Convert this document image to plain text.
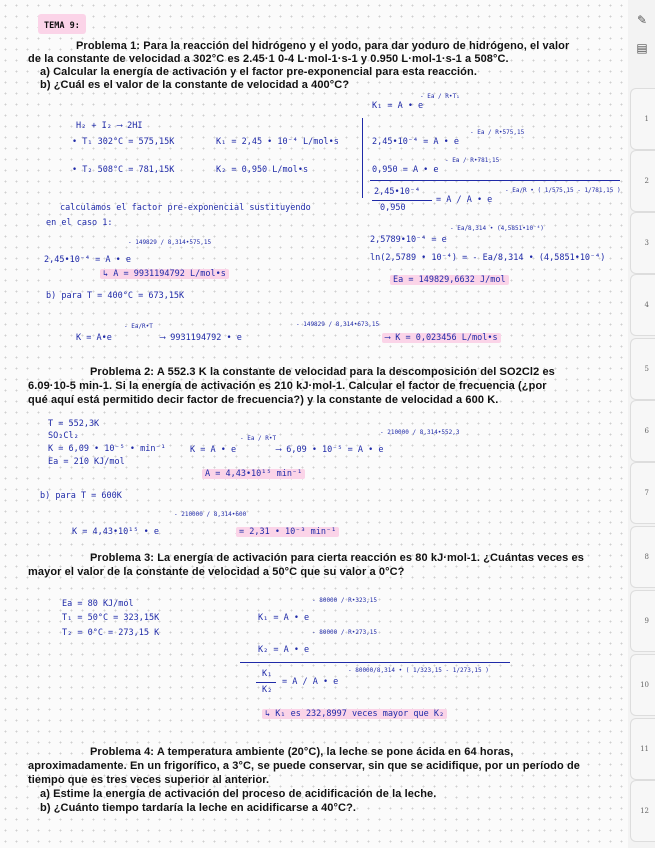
✎
▤
1
2
3
4
5
6
7
8
9
10
11
12
TEMA 9:
Problema 1: Para la reacción del hidrógeno y el yodo, para dar yoduro de hidrógeno, el valor
de la constante de velocidad a 302°C es 2.45·1 0-4 L·mol-1·s-1 y 0.950 L·mol-1·s-1 a 508°C.
a) Calcular la energía de activación y el factor pre-exponencial para esta reacción.
b) ¿Cuál es el valor de la constante de velocidad a 400°C?
H₂ + I₂ ⟶ 2HI
• T₁ 302°C = 575,15K	K₁ = 2,45 • 10⁻⁴ L/mol•s
• T₂ 508°C = 781,15K	K₂ = 0,950 L/mol•s
K₁ = A • e
- Ea / R•T₁
2,45•10⁻⁴ = A • e
- Ea / R•575,15
0,950 = A • e
- Ea / R•781,15
2,45•10⁻⁴
0,950
= A / A • e
- Ea/R • ( 1/575,15 - 1/781,15 )
calculamos el factor pre-exponencial sustituyendo
en el caso 1:
2,45•10⁻⁴ = A • e
- 149829 / 8,314•575,15
↳ A = 9931194792 L/mol•s
2,5789•10⁻⁴ = e
- Ea/8,314 • (4,5851•10⁻⁴)
ln(2,5789 • 10⁻⁴) = - Ea/8,314 • (4,5851•10⁻⁴)
Ea = 149829,6632 J/mol
b) para T = 400°C = 673,15K
K = A•e
- Ea/R•T
⟶ 9931194792 • e
- 149829 / 8,314•673,15
⟶ K = 0,023456 L/mol•s
Problema 2: A 552.3 K la constante de velocidad para la descomposición del SO2Cl2 es
6.09·10-5 min-1. Si la energía de activación es 210 kJ·mol-1. Calcular el factor de frecuencia (¿por
qué aquí está permitido decir factor de frecuencia?) y la constante de velocidad a 600 K.
T = 552,3K
SO₂Cl₂
K = 6,09 • 10⁻⁵ • min⁻¹
Ea = 210 KJ/mol
K = A • e
- Ea / R•T
⟶ 6,09 • 10⁻⁵ = A • e
- 210000 / 8,314•552,3
A = 4,43•10¹⁵ min⁻¹
b) para T = 600K
K = 4,43•10¹⁵ • e
- 210000 / 8,314•600
= 2,31 • 10⁻³ min⁻¹
Problema 3: La energía de activación para cierta reacción es 80 kJ·mol-1. ¿Cuántas veces es
mayor el valor de la constante de velocidad a 50°C que su valor a 0°C?
Ea = 80 KJ/mol
T₁ = 50°C = 323,15K
T₂ = 0°C = 273,15 K
K₁ = A • e
- 80000 / R•323,15
K₂ = A • e
- 80000 / R•273,15
K₁
K₂
= A / A • e
- 80000/8,314 • ( 1/323,15 - 1/273,15 )
↳ K₁ es 232,8997 veces mayor que K₂
Problema 4: A temperatura ambiente (20°C), la leche se pone ácida en 64 horas,
aproximadamente. En un frigorífico, a 3°C, se puede conservar, sin que se acidifique, por un período de
tiempo que es tres veces superior al anterior.
a) Estime la energía de activación del proceso de acidificación de la leche.
b) ¿Cuánto tiempo tardaría la leche en acidificarse a 40°C?.
